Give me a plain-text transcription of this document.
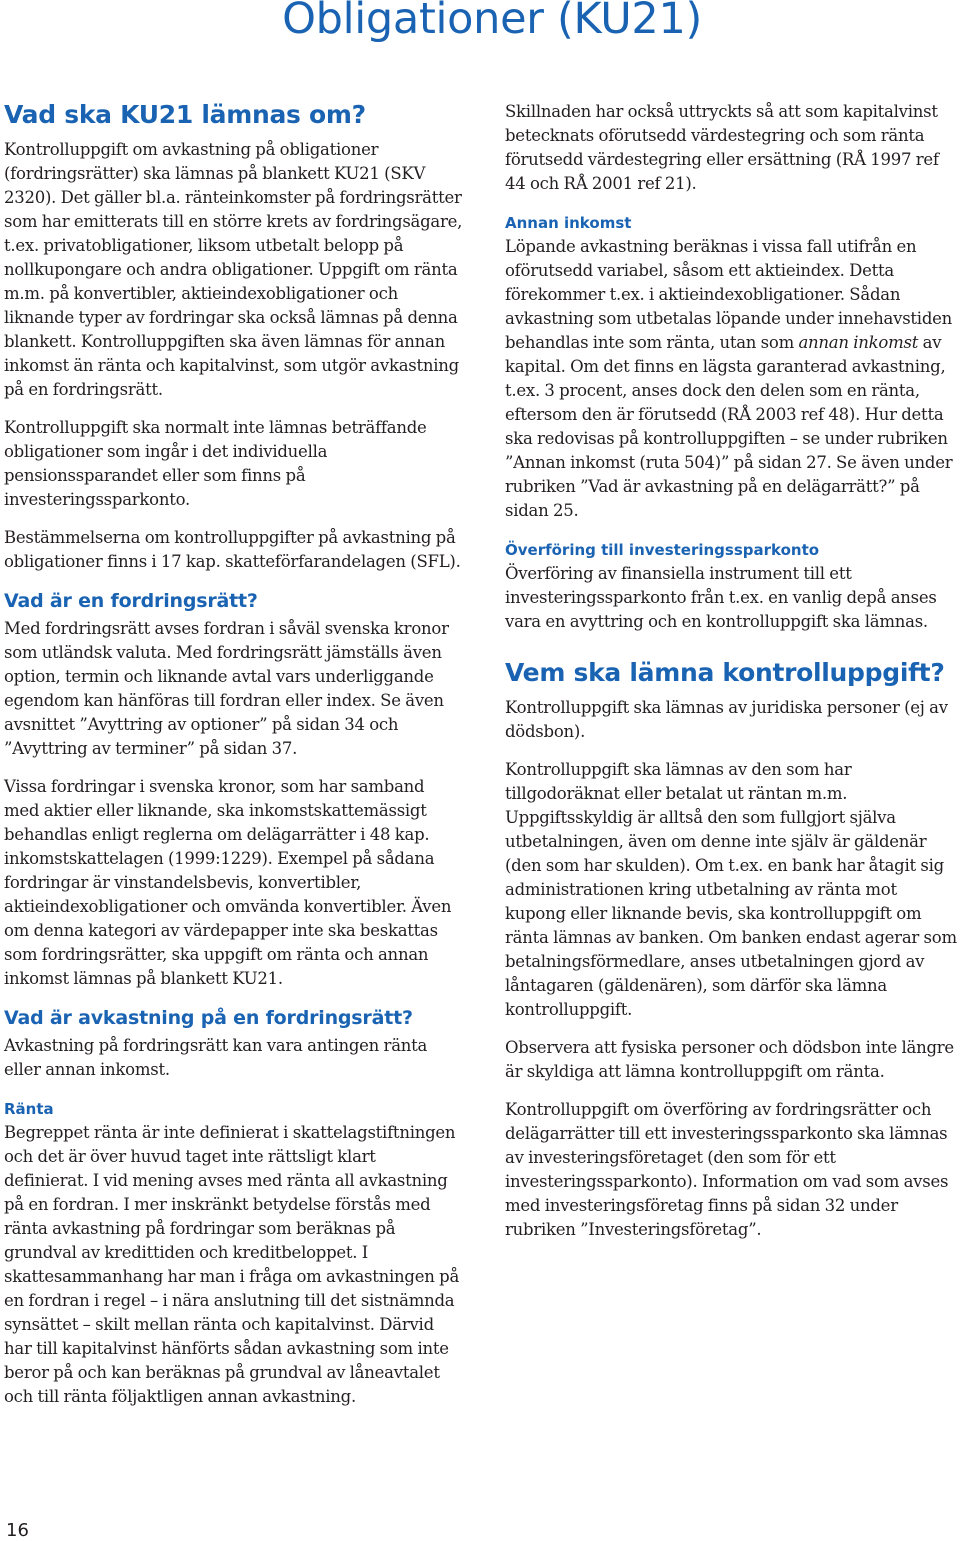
Obligationer (KU21)
Vad ska KU21 lämnas om?

Kontrolluppgift om avkastning på obligationer (fordringsrätter) ska lämnas på blankett KU21 (SKV 2320). Det gäller bl.a. ränteinkomster på fordringsrätter som har emitterats till en större krets av fordringsägare, t.ex. privatobligationer, liksom utbetalt belopp på nollkupongare och andra obligationer. Uppgift om ränta m.m. på konvertibler, aktieindexobligationer och liknande typer av fordringar ska också lämnas på denna blankett. Kontrolluppgiften ska även lämnas för annan inkomst än ränta och kapitalvinst, som utgör avkastning på en fordringsrätt.

Kontrolluppgift ska normalt inte lämnas beträffande obligationer som ingår i det individuella pensionssparandet eller som finns på investeringssparkonto.

Bestämmelserna om kontrolluppgifter på avkastning på obligationer finns i 17 kap. skatteförfarandelagen (SFL).

Vad är en fordringsrätt?

Med fordringsrätt avses fordran i såväl svenska kronor som utländsk valuta. Med fordringsrätt jämställs även option, termin och liknande avtal vars underliggande egendom kan hänföras till fordran eller index. Se även avsnittet ”Avyttring av optioner” på sidan 34 och ”Avyttring av terminer” på sidan 37.

Vissa fordringar i svenska kronor, som har samband med aktier eller liknande, ska inkomstskattemässigt behandlas enligt reglerna om delägarrätter i 48 kap. inkomstskattelagen (1999:1229). Exempel på sådana fordringar är vinstandelsbevis, konvertibler, aktieindexobligationer och omvända konvertibler. Även om denna kategori av värdepapper inte ska beskattas som fordringsrätter, ska uppgift om ränta och annan inkomst lämnas på blankett KU21.

Vad är avkastning på en fordringsrätt?

Avkastning på fordringsrätt kan vara antingen ränta eller annan inkomst.

Ränta

Begreppet ränta är inte definierat i skattelagstiftningen och det är över huvud taget inte rättsligt klart definierat. I vid mening avses med ränta all avkastning på en fordran. I mer inskränkt betydelse förstås med ränta avkastning på fordringar som beräknas på grundval av kredittiden och kreditbeloppet. I skattesammanhang har man i fråga om avkastningen på en fordran i regel – i nära anslutning till det sistnämnda synsättet – skilt mellan ränta och kapitalvinst. Därvid har till kapitalvinst hänförts sådan avkastning som inte beror på och kan beräknas på grundval av låneavtalet och till ränta följaktligen annan avkastning.

Skillnaden har också uttryckts så att som kapitalvinst betecknats oförutsedd värdestegring och som ränta förutsedd värdestegring eller ersättning (RÅ 1997 ref 44 och RÅ 2001 ref 21).

Annan inkomst

Löpande avkastning beräknas i vissa fall utifrån en oförutsedd variabel, såsom ett aktieindex. Detta förekommer t.ex. i aktieindexobligationer. Sådan avkastning som utbetalas löpande under innehavstiden behandlas inte som ränta, utan som annan inkomst av kapital. Om det finns en lägsta garanterad avkastning, t.ex. 3 procent, anses dock den delen som en ränta, eftersom den är förutsedd (RÅ 2003 ref 48). Hur detta ska redovisas på kontrolluppgiften – se under rubriken ”Annan inkomst (ruta 504)” på sidan 27. Se även under rubriken ”Vad är avkastning på en delägarrätt?” på sidan 25.

Överföring till investeringssparkonto

Överföring av finansiella instrument till ett investeringssparkonto från t.ex. en vanlig depå anses vara en avyttring och en kontrolluppgift ska lämnas.

Vem ska lämna kontrolluppgift?

Kontrolluppgift ska lämnas av juridiska personer (ej av dödsbon).

Kontrolluppgift ska lämnas av den som har tillgodoräknat eller betalat ut räntan m.m. Uppgiftsskyldig är alltså den som fullgjort själva utbetalningen, även om denne inte själv är gäldenär (den som har skulden). Om t.ex. en bank har åtagit sig administrationen kring utbetalning av ränta mot kupong eller liknande bevis, ska kontrolluppgift om ränta lämnas av banken. Om banken endast agerar som betalningsförmedlare, anses utbetalningen gjord av låntagaren (gäldenären), som därför ska lämna kontrolluppgift.

Observera att fysiska personer och dödsbon inte längre är skyldiga att lämna kontrolluppgift om ränta.

Kontrolluppgift om överföring av fordringsrätter och delägarrätter till ett investeringssparkonto ska lämnas av investeringsföretaget (den som för ett investeringssparkonto). Information om vad som avses med investeringsföretag finns på sidan 32 under rubriken ”Investeringsföretag”.

16
